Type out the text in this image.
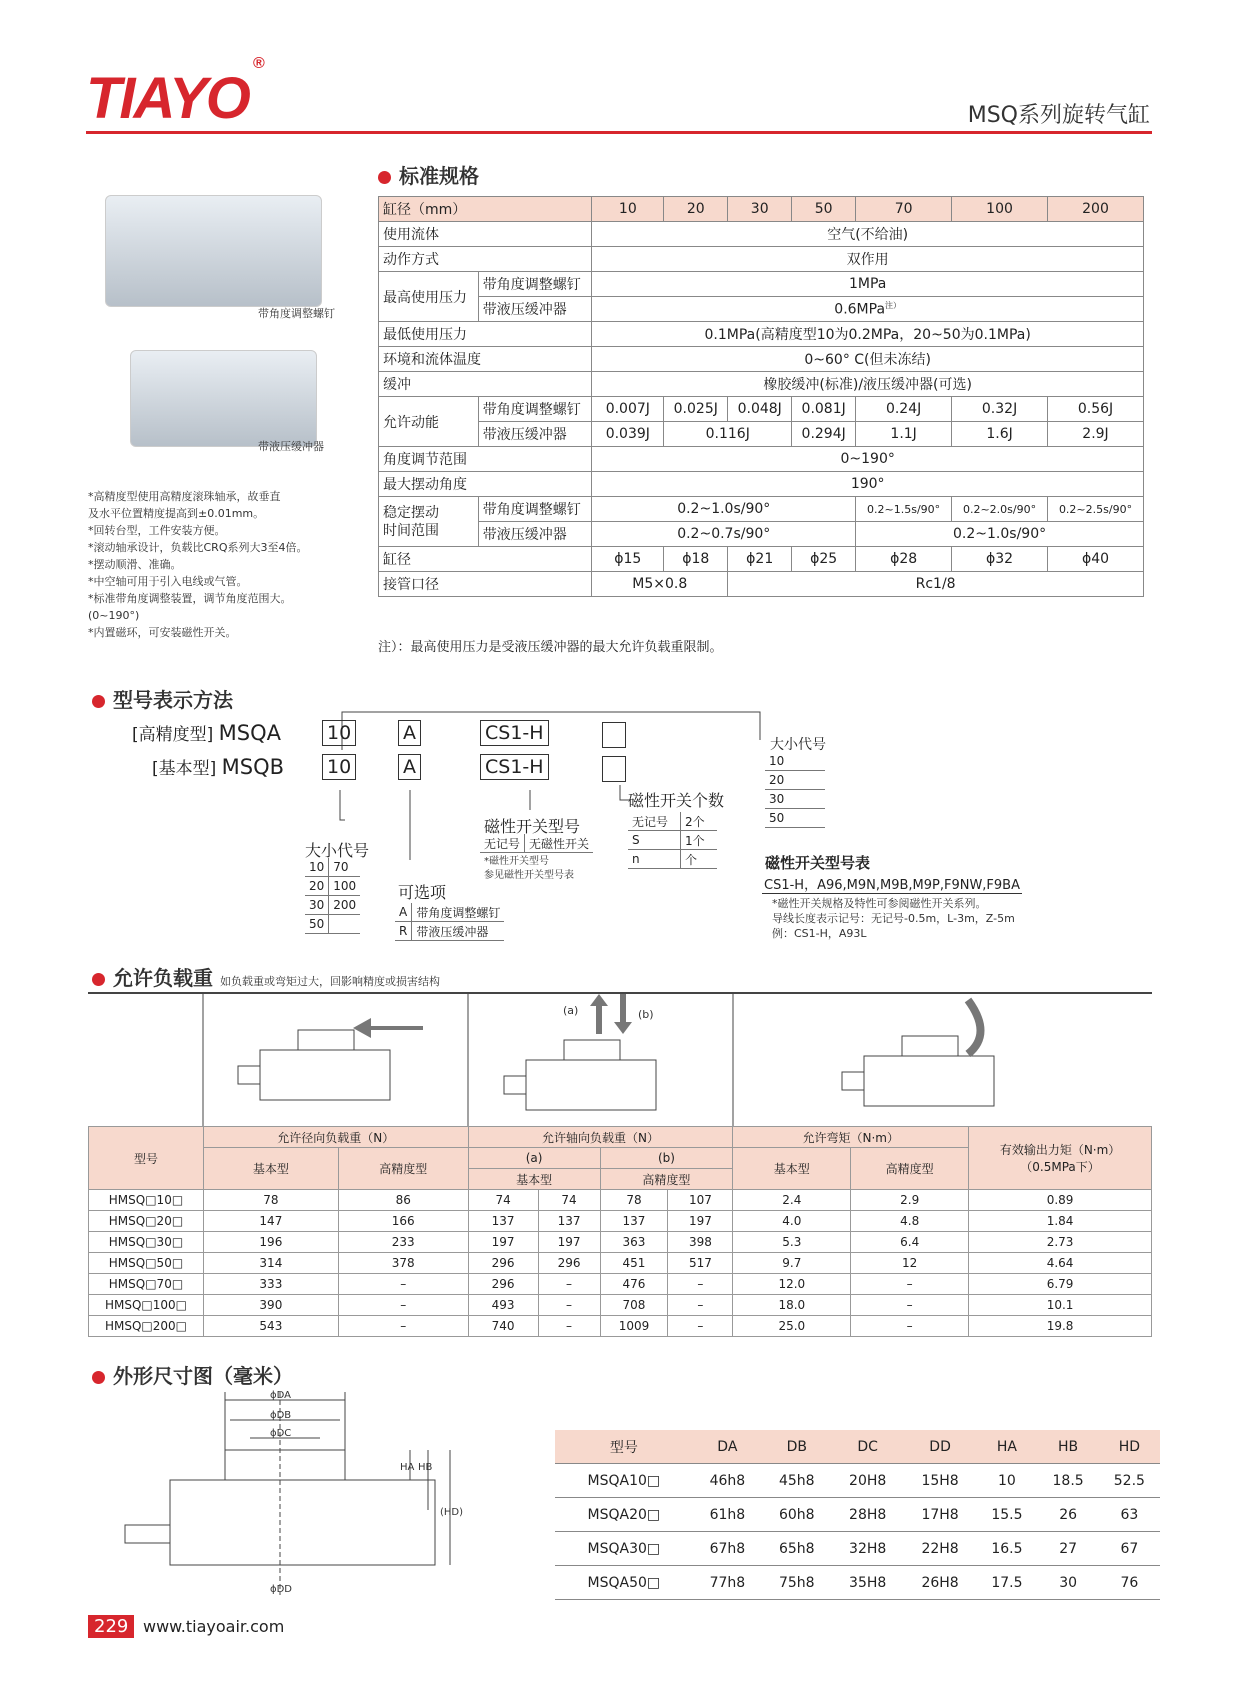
TIAYO®
MSQ系列旋转气缸
标准规格
带角度调整螺钉
带液压缓冲器
*高精度型使用高精度滚珠轴承，故垂直
及水平位置精度提高到±0.01mm。
*回转台型，工件安装方便。
*滚动轴承设计，负载比CRQ系列大3至4倍。
*摆动顺滑、准确。
*中空轴可用于引入电线或气管。
*标准带角度调整装置，调节角度范围大。
(0~190°)
*内置磁环，可安装磁性开关。
缸径（mm）		10	20	30	50	70	100	200
使用流体		空气(不给油)						
动作方式		双作用						
最高使用压力	带角度调整螺钉	1MPa						
	带液压缓冲器	0.6MPa$^{注)}$
最低使用压力		0.1MPa(高精度型10为0.2MPa，20~50为0.1MPa)						
环境和流体温度		0~60° C(但未冻结)						
缓冲		橡胶缓冲(标准)/液压缓冲器(可选)						
允许动能	带角度调整螺钉	0.007J	0.025J	0.048J	0.081J	0.24J	0.32J	0.56J
	带液压缓冲器	0.039J	0.116J		0.294J	1.1J	1.6J	2.9J
角度调节范围		0~190°						
最大摆动角度		190°						
稳定摆动
时间范围	带角度调整螺钉	0.2~1.0s/90°				0.2~1.5s/90°	0.2~2.0s/90°	0.2~2.5s/90°
	带液压缓冲器	0.2~0.7s/90°				0.2~1.0s/90°		
缸径		ϕ15	ϕ18	ϕ21	ϕ25	ϕ28	ϕ32	ϕ40
接管口径		M5×0.8		Rc1/8				
注）：最高使用压力是受液压缓冲器的最大允许负载重限制。
型号表示方法
[高精度型] MSQA
[基本型] MSQB
10
10
A
A
CS1-H
CS1-H
大小代号
10	70
20	100
30	200
50	
可选项
A	带角度调整螺钉
R	带液压缓冲器
磁性开关型号
无记号	无磁性开关
*磁性开关型号
参见磁性开关型号表
磁性开关个数
无记号	2个
S	1个
n	个
大小代号
10
20
30
50
磁性开关型号表
CS1-H，A96,M9N,M9B,M9P,F9NW,F9BA
*磁性开关规格及特性可参阅磁性开关系列。
导线长度表示记号：无记号-0.5m，L-3m，Z-5m
例：CS1-H，A93L
允许负载重 如负载重或弯矩过大，回影响精度或损害结构
(a)	(b)
型号	允许径向负载重（N）		允许轴向负载重（N）				允许弯矩（N·m）		有效输出力矩（N·m）
（0.5MPa下）
	基本型	高精度型	(a)		(b)		基本型	高精度型	
			基本型		高精度型				
HMSQ□10□	78	86	74	74	78	107	2.4	2.9	0.89
HMSQ□20□	147	166	137	137	137	197	4.0	4.8	1.84
HMSQ□30□	196	233	197	197	363	398	5.3	6.4	2.73
HMSQ□50□	314	378	296	296	451	517	9.7	12	4.64
HMSQ□70□	333	–	296	–	476	–	12.0	–	6.79
HMSQ□100□	390	–	493	–	708	–	18.0	–	10.1
HMSQ□200□	543	–	740	–	1009	–	25.0	–	19.8
外形尺寸图（毫米）
ϕDA
ϕDB
ϕDC
ϕDD
HA HB
(HD)
型号	DA	DB	DC	DD	HA	HB	HD
MSQA10□	46h8	45h8	20H8	15H8	10	18.5	52.5
MSQA20□	61h8	60h8	28H8	17H8	15.5	26	63
MSQA30□	67h8	65h8	32H8	22H8	16.5	27	67
MSQA50□	77h8	75h8	35H8	26H8	17.5	30	76
229 www.tiayoair.com
